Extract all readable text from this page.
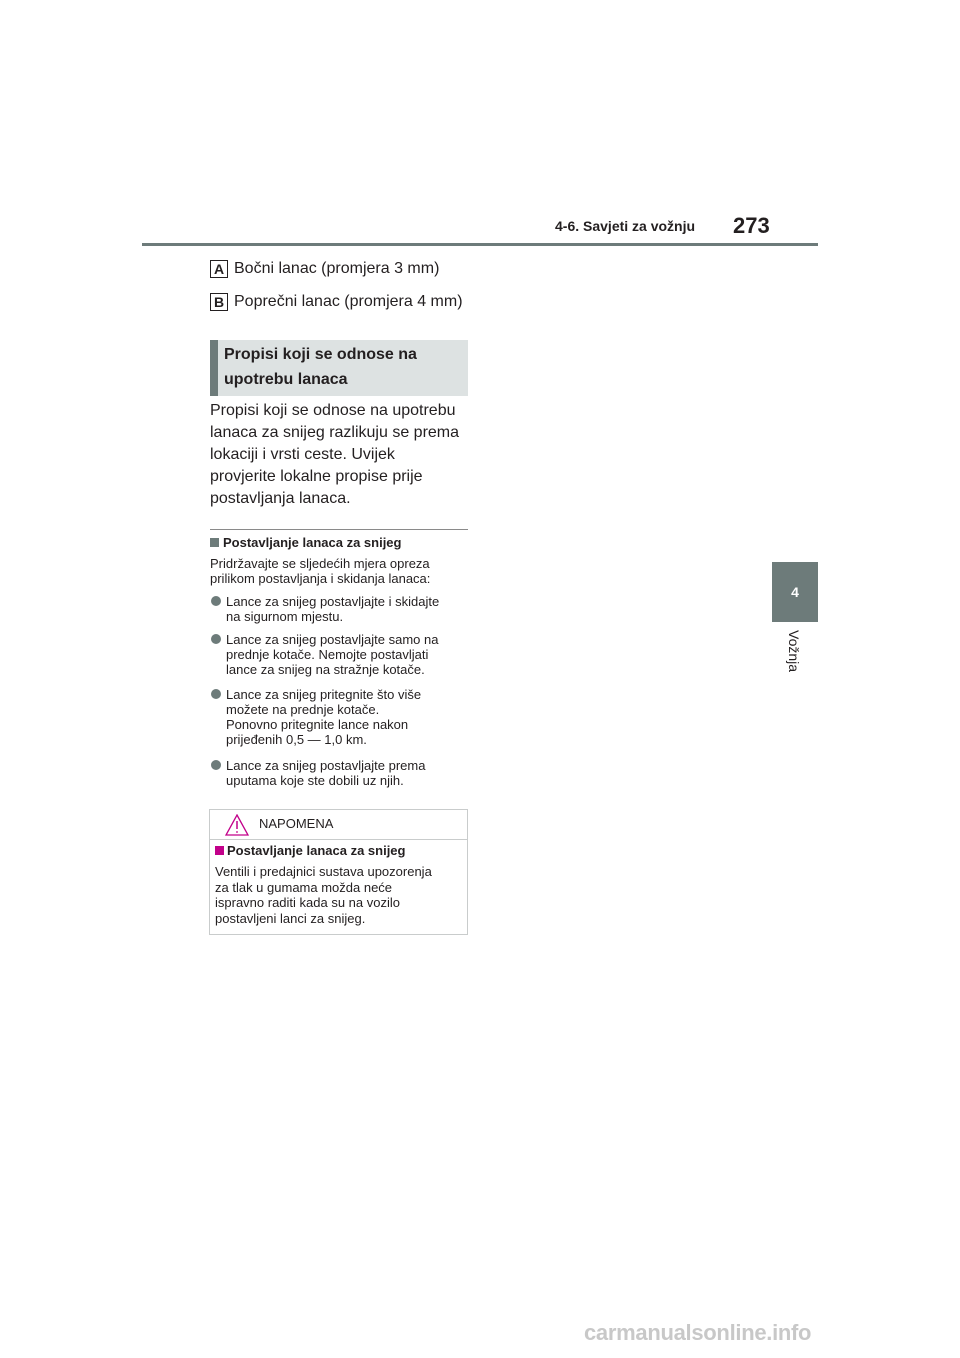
4-6. Savjeti za vožnju 273
4
Vožnja
A Bočni lanac (promjera 3 mm)
B Poprečni lanac (promjera 4 mm)
Propisi koji se odnose na
upotrebu lanaca
Propisi koji se odnose na upotrebu
lanaca za snijeg razlikuju se prema
lokaciji i vrsti ceste. Uvijek
provjerite lokalne propise prije
postavljanja lanaca.
Postavljanje lanaca za snijeg
Pridržavajte se sljedećih mjera opreza
prilikom postavljanja i skidanja lanaca:
Lance za snijeg postavljajte i skidajte
na sigurnom mjestu.
Lance za snijeg postavljajte samo na
prednje kotače. Nemojte postavljati
lance za snijeg na stražnje kotače.
Lance za snijeg pritegnite što više
možete na prednje kotače.
Ponovno pritegnite lance nakon
prijeđenih 0,5 — 1,0 km.
Lance za snijeg postavljajte prema
uputama koje ste dobili uz njih.
NAPOMENA
Postavljanje lanaca za snijeg
Ventili i predajnici sustava upozorenja
za tlak u gumama možda neće
ispravno raditi kada su na vozilo
postavljeni lanci za snijeg.
carmanualsonline.info
